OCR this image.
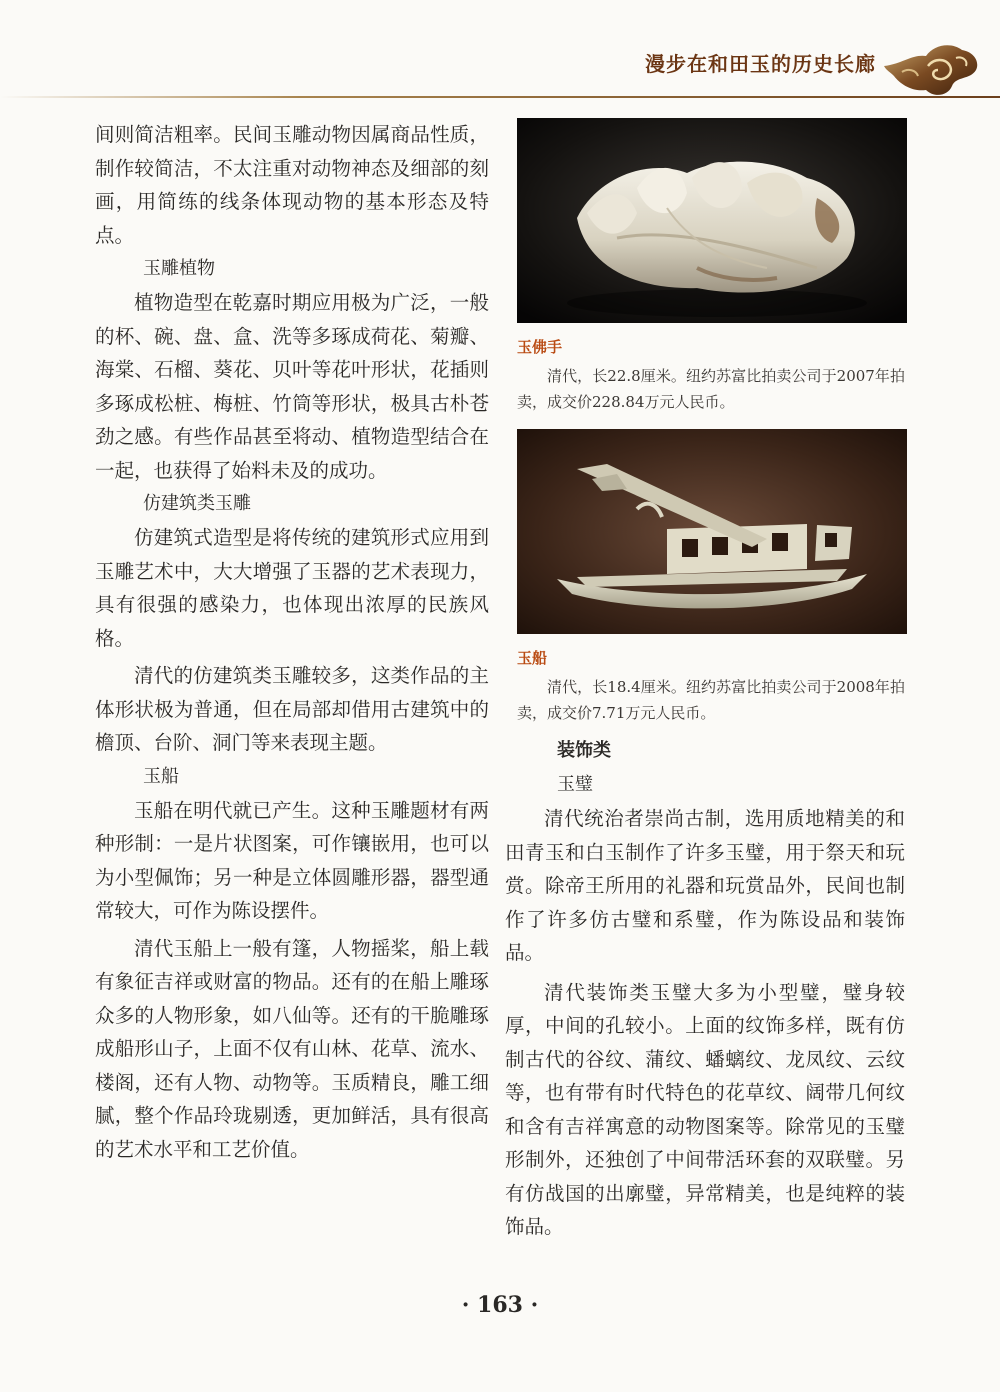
漫步在和田玉的历史长廊

间则简洁粗率。民间玉雕动物因属商品性质，制作较简洁，不太注重对动物神态及细部的刻画，用简练的线条体现动物的基本形态及特点。

玉雕植物

植物造型在乾嘉时期应用极为广泛，一般的杯、碗、盘、盒、洗等多琢成荷花、菊瓣、海棠、石榴、葵花、贝叶等花叶形状，花插则多琢成松桩、梅桩、竹筒等形状，极具古朴苍劲之感。有些作品甚至将动、植物造型结合在一起，也获得了始料未及的成功。

仿建筑类玉雕

仿建筑式造型是将传统的建筑形式应用到玉雕艺术中，大大增强了玉器的艺术表现力，具有很强的感染力，也体现出浓厚的民族风格。

清代的仿建筑类玉雕较多，这类作品的主体形状极为普通，但在局部却借用古建筑中的檐顶、台阶、洞门等来表现主题。

玉船

玉船在明代就已产生。这种玉雕题材有两种形制：一是片状图案，可作镶嵌用，也可以为小型佩饰；另一种是立体圆雕形器，器型通常较大，可作为陈设摆件。

清代玉船上一般有篷，人物摇桨，船上载有象征吉祥或财富的物品。还有的在船上雕琢众多的人物形象，如八仙等。还有的干脆雕琢成船形山子，上面不仅有山林、花草、流水、楼阁，还有人物、动物等。玉质精良，雕工细腻，整个作品玲珑剔透，更加鲜活，具有很高的艺术水平和工艺价值。

玉佛手

清代，长22.8厘米。纽约苏富比拍卖公司于2007年拍卖，成交价228.84万元人民币。

玉船

清代，长18.4厘米。纽约苏富比拍卖公司于2008年拍卖，成交价7.71万元人民币。

装饰类

玉璧

清代统治者崇尚古制，选用质地精美的和田青玉和白玉制作了许多玉璧，用于祭天和玩赏。除帝王所用的礼器和玩赏品外，民间也制作了许多仿古璧和系璧，作为陈设品和装饰品。

清代装饰类玉璧大多为小型璧，璧身较厚，中间的孔较小。上面的纹饰多样，既有仿制古代的谷纹、蒲纹、蟠螭纹、龙凤纹、云纹等，也有带有时代特色的花草纹、阔带几何纹和含有吉祥寓意的动物图案等。除常见的玉璧形制外，还独创了中间带活环套的双联璧。另有仿战国的出廓璧，异常精美，也是纯粹的装饰品。

· 163 ·
